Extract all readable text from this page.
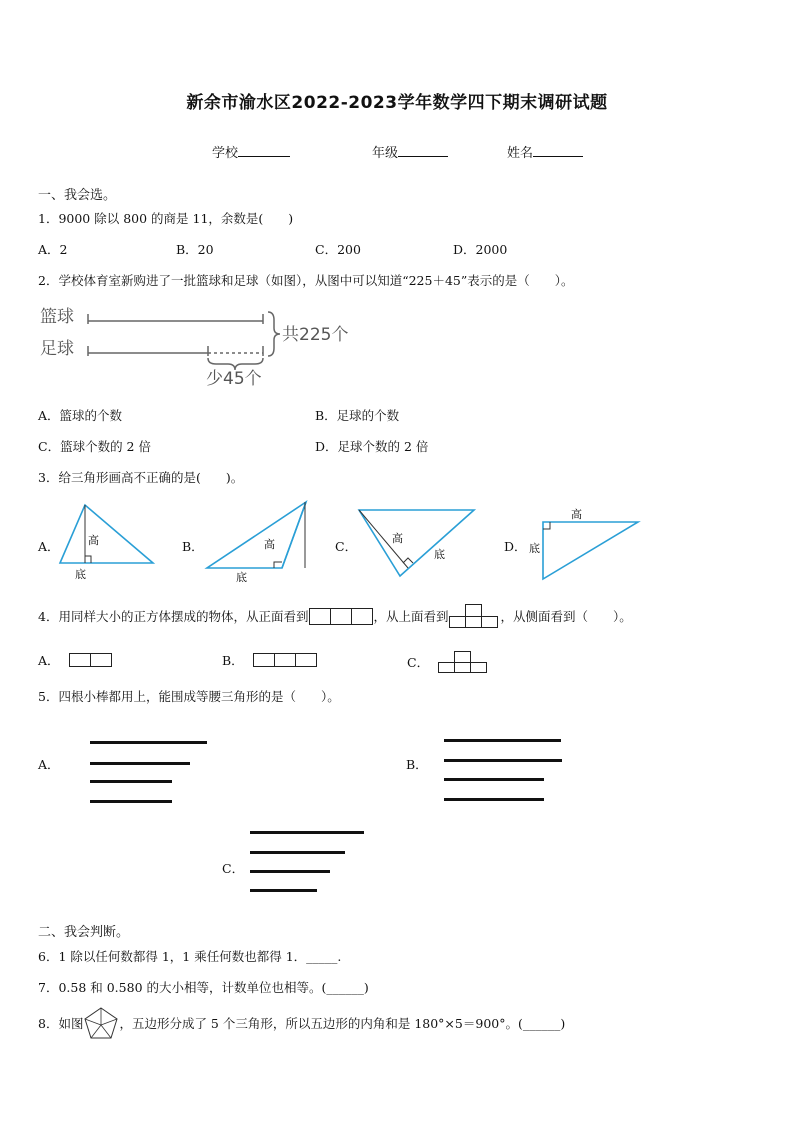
新余市渝水区2022-2023学年数学四下期末调研试题
学校	年级	姓名
一、我会选。
1．9000 除以 800 的商是 11，余数是(　　)
A．2	B．20	C．200	D．2000
2．学校体育室新购进了一批篮球和足球（如图），从图中可以知道“225＋45”表示的是（　　）。
篮球
足球
共225个
少45个
A．篮球的个数	B．足球的个数
C．篮球个数的 2 倍	D．足球个数的 2 倍
3．给三角形画高不正确的是(　　)。
A．	B．	C．	D．
高
底
高
底
高
底
高
底
4．用同样大小的正方体摆成的物体，从正面看到	，从上面看到	，从侧面看到（　　）。
A．	B．	C．
5．四根小棒都用上，能围成等腰三角形的是（　　）。
A．	B．
C．
二、我会判断。
6．1 除以任何数都得 1，1 乘任何数也都得 1．_____.
7．0.58 和 0.580 的大小相等，计数单位也相等。(______)
8．如图	，五边形分成了 5 个三角形，所以五边形的内角和是 180°×5＝900°。(______)
